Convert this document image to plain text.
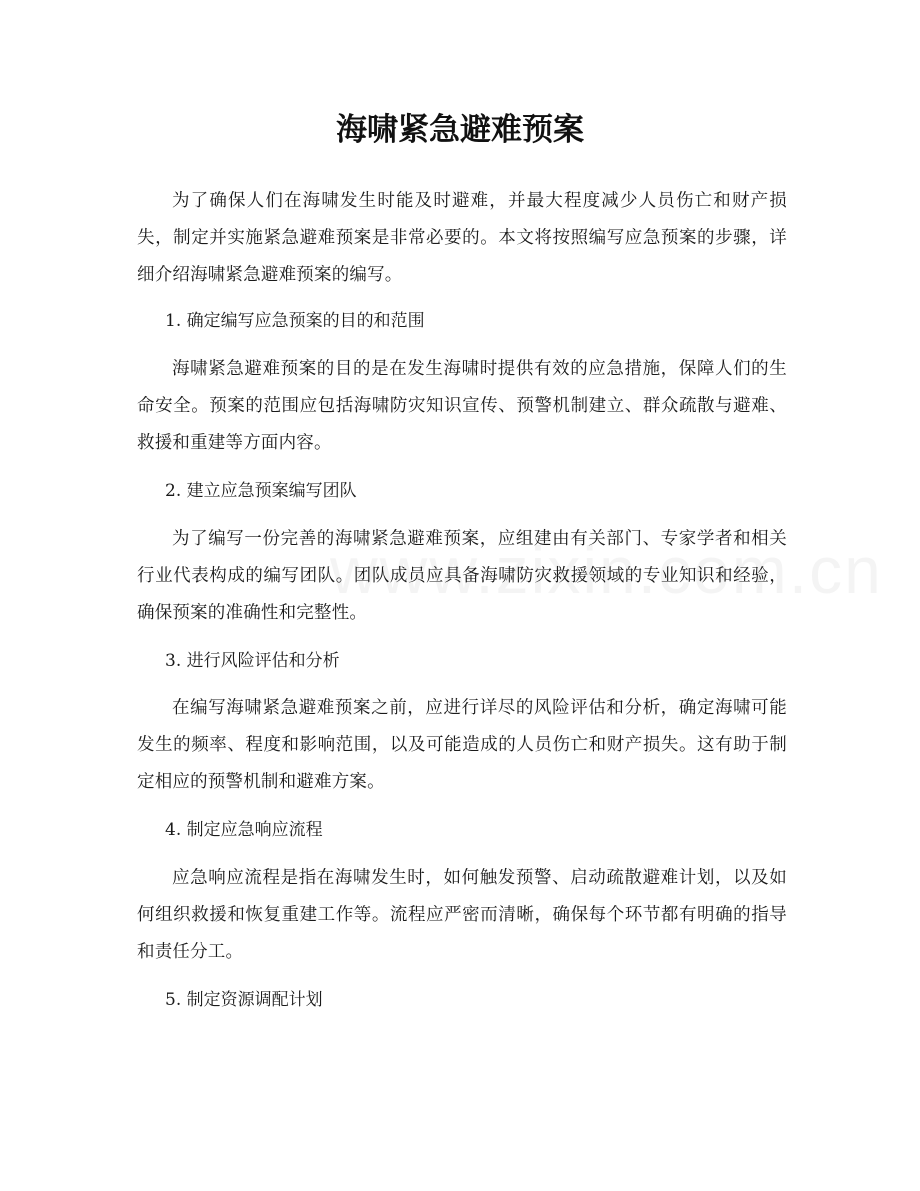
海啸紧急避难预案

为了确保人们在海啸发生时能及时避难，并最大程度减少人员伤亡和财产损失，制定并实施紧急避难预案是非常必要的。本文将按照编写应急预案的步骤，详细介绍海啸紧急避难预案的编写。

1. 确定编写应急预案的目的和范围

海啸紧急避难预案的目的是在发生海啸时提供有效的应急措施，保障人们的生命安全。预案的范围应包括海啸防灾知识宣传、预警机制建立、群众疏散与避难、救援和重建等方面内容。

2. 建立应急预案编写团队

为了编写一份完善的海啸紧急避难预案，应组建由有关部门、专家学者和相关行业代表构成的编写团队。团队成员应具备海啸防灾救援领域的专业知识和经验，确保预案的准确性和完整性。

3. 进行风险评估和分析

在编写海啸紧急避难预案之前，应进行详尽的风险评估和分析，确定海啸可能发生的频率、程度和影响范围，以及可能造成的人员伤亡和财产损失。这有助于制定相应的预警机制和避难方案。

4. 制定应急响应流程

应急响应流程是指在海啸发生时，如何触发预警、启动疏散避难计划，以及如何组织救援和恢复重建工作等。流程应严密而清晰，确保每个环节都有明确的指导和责任分工。

5. 制定资源调配计划
